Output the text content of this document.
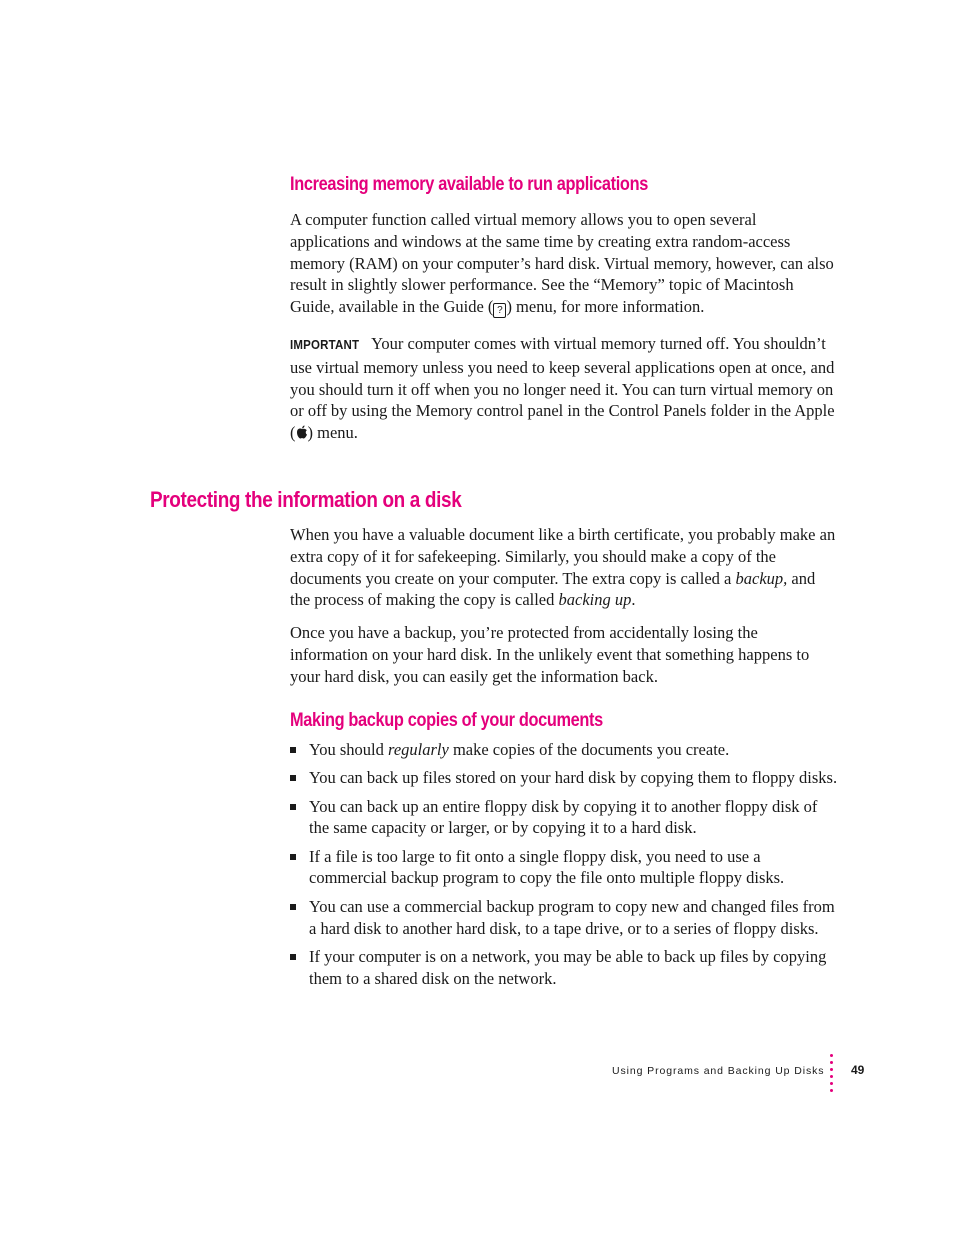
Increasing memory available to run applications

A computer function called virtual memory allows you to open several applications and windows at the same time by creating extra random-access memory (RAM) on your computer’s hard disk. Virtual memory, however, can also result in slightly slower performance. See the “Memory” topic of Macintosh Guide, available in the Guide ( ? ) menu, for more information.

IMPORTANT Your computer comes with virtual memory turned off. You shouldn’t use virtual memory unless you need to keep several applications open at once, and you should turn it off when you no longer need it. You can turn virtual memory on or off by using the Memory control panel in the Control Panels folder in the Apple ( ) menu.

Protecting the information on a disk

When you have a valuable document like a birth certificate, you probably make an extra copy of it for safekeeping. Similarly, you should make a copy of the documents you create on your computer. The extra copy is called a backup, and the process of making the copy is called backing up.

Once you have a backup, you’re protected from accidentally losing the information on your hard disk. In the unlikely event that something happens to your hard disk, you can easily get the information back.

Making backup copies of your documents
You should regularly make copies of the documents you create.
You can back up files stored on your hard disk by copying them to floppy disks.
You can back up an entire floppy disk by copying it to another floppy disk of the same capacity or larger, or by copying it to a hard disk.
If a file is too large to fit onto a single floppy disk, you need to use a commercial backup program to copy the file onto multiple floppy disks.
You can use a commercial backup program to copy new and changed files from a hard disk to another hard disk, to a tape drive, or to a series of floppy disks.
If your computer is on a network, you may be able to back up files by copying them to a shared disk on the network.
Using Programs and Backing Up Disks 49
